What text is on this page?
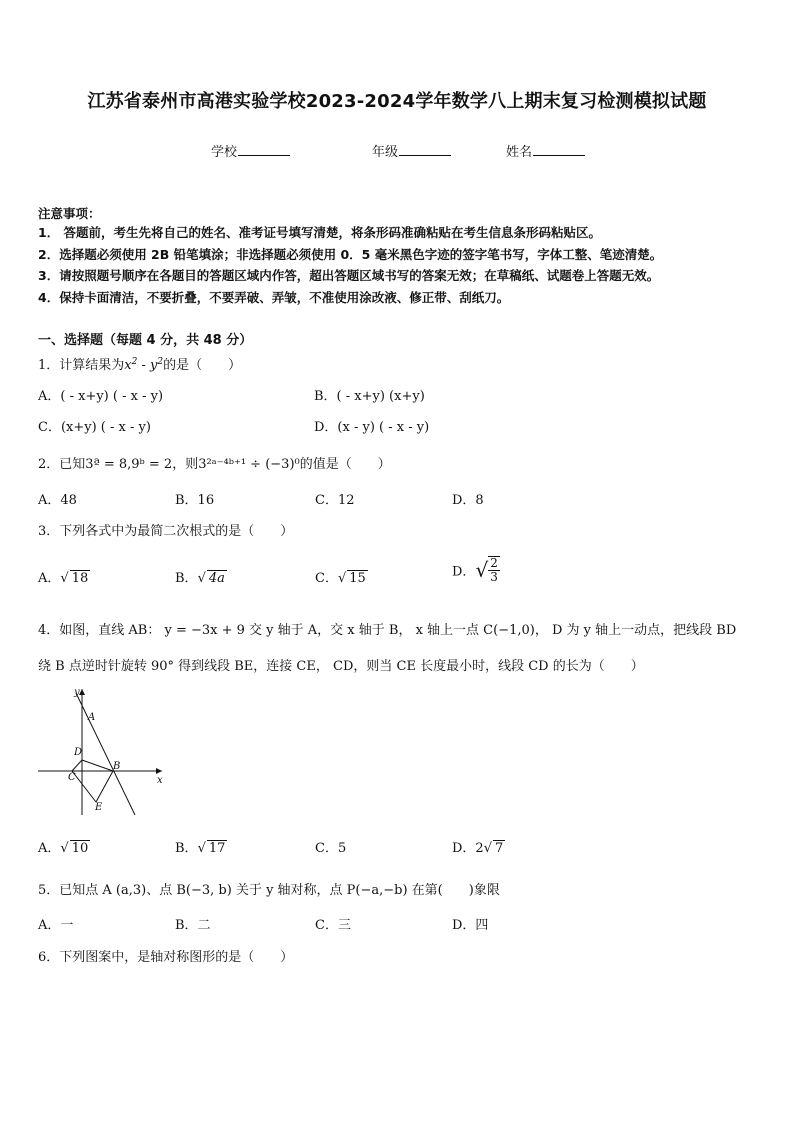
江苏省泰州市高港实验学校2023-2024学年数学八上期末复习检测模拟试题
学校	年级	姓名
注意事项：
1． 答题前，考生先将自己的姓名、准考证号填写清楚，将条形码准确粘贴在考生信息条形码粘贴区。
2．选择题必须使用 2B 铅笔填涂；非选择题必须使用 0．5 毫米黑色字迹的签字笔书写，字体工整、笔迹清楚。
3．请按照题号顺序在各题目的答题区域内作答，超出答题区域书写的答案无效；在草稿纸、试题卷上答题无效。
4．保持卡面清洁，不要折叠，不要弄破、弄皱，不准使用涂改液、修正带、刮纸刀。
一、选择题（每题 4 分，共 48 分）
1．计算结果为$x^2 - y^2$的是（　　）
A．( - x+y) ( - x - y)	B．( - x+y) (x+y)
C．(x+y) ( - x - y)	D．(x - y) ( - x - y)
2．已知3ª = 8,9ᵇ = 2，则3²ᵃ⁻⁴ᵇ⁺¹ ÷ (−3)⁰的值是（　　）
A．48	B．16	C．12	D．8
3．下列各式中为最简二次根式的是（　　）
A．√ 18	B．√ 4a	C．√ 15	D．√ $\frac{2}{3}$
4．如图，直线 AB： y = −3x + 9 交 y 轴于 A，交 x 轴于 B， x 轴上一点 C(−1,0)， D 为 y 轴上一动点，把线段 BD
绕 B 点逆时针旋转 90° 得到线段 BE，连接 CE， CD，则当 CE 长度最小时，线段 CD 的长为（　　）
x
y
A
B
C
D
E
A．√ 10	B．√ 17	C．5	D．2√ 7
5．已知点 A (a,3)、点 B(−3, b) 关于 y 轴对称，点 P(−a,−b) 在第(　　)象限
A．一	B．二	C．三	D．四
6．下列图案中，是轴对称图形的是（　　）
